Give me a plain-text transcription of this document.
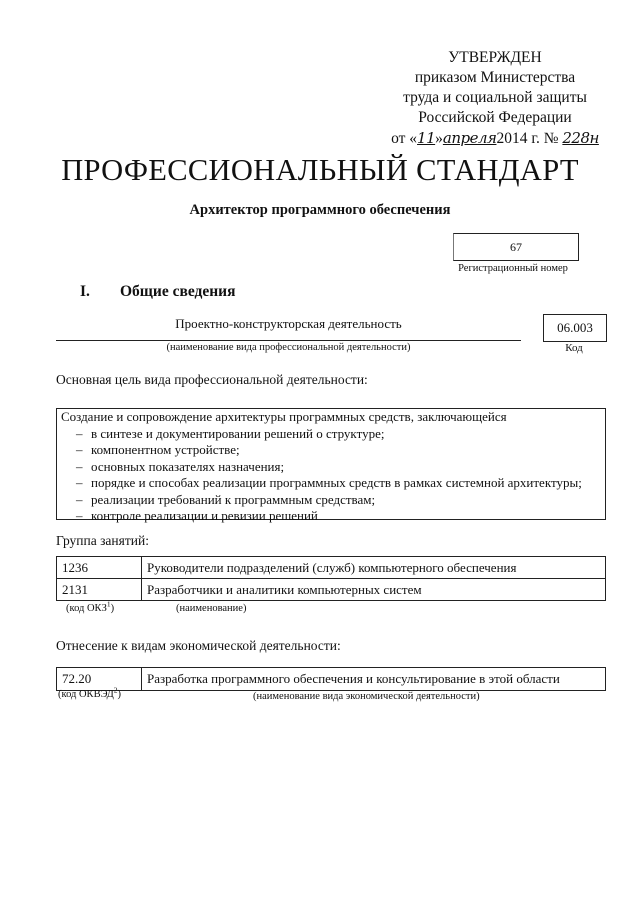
УТВЕРЖДЕН
приказом Министерства
труда и социальной защиты
Российской Федерации
от «11»апреля2014 г. № 228н
ПРОФЕССИОНАЛЬНЫЙ СТАНДАРТ
Архитектор программного обеспечения
67
Регистрационный номер
I. Общие сведения
Проектно-конструкторская деятельность
(наименование вида профессиональной деятельности)
06.003
Код
Основная цель вида профессиональной деятельности:

Создание и сопровождение архитектуры программных средств, заключающейся

– в синтезе и документировании решений о структуре;
– компонентном устройстве;
– основных показателях назначения;
– порядке и способах реализации программных средств в рамках системной архитектуры;
– реализации требований к программным средствам;
– контроле реализации и ревизии решений
Группа занятий:
1236	Руководители подразделений (служб) компьютерного обеспечения
2131	Разработчики и аналитики компьютерных систем
(код ОКЗ$^1$)	(наименование)
Отнесение к видам экономической деятельности:
72.20	Разработка программного обеспечения и консультирование в этой области
(код ОКВЭД$^2$)	(наименование вида экономической деятельности)
